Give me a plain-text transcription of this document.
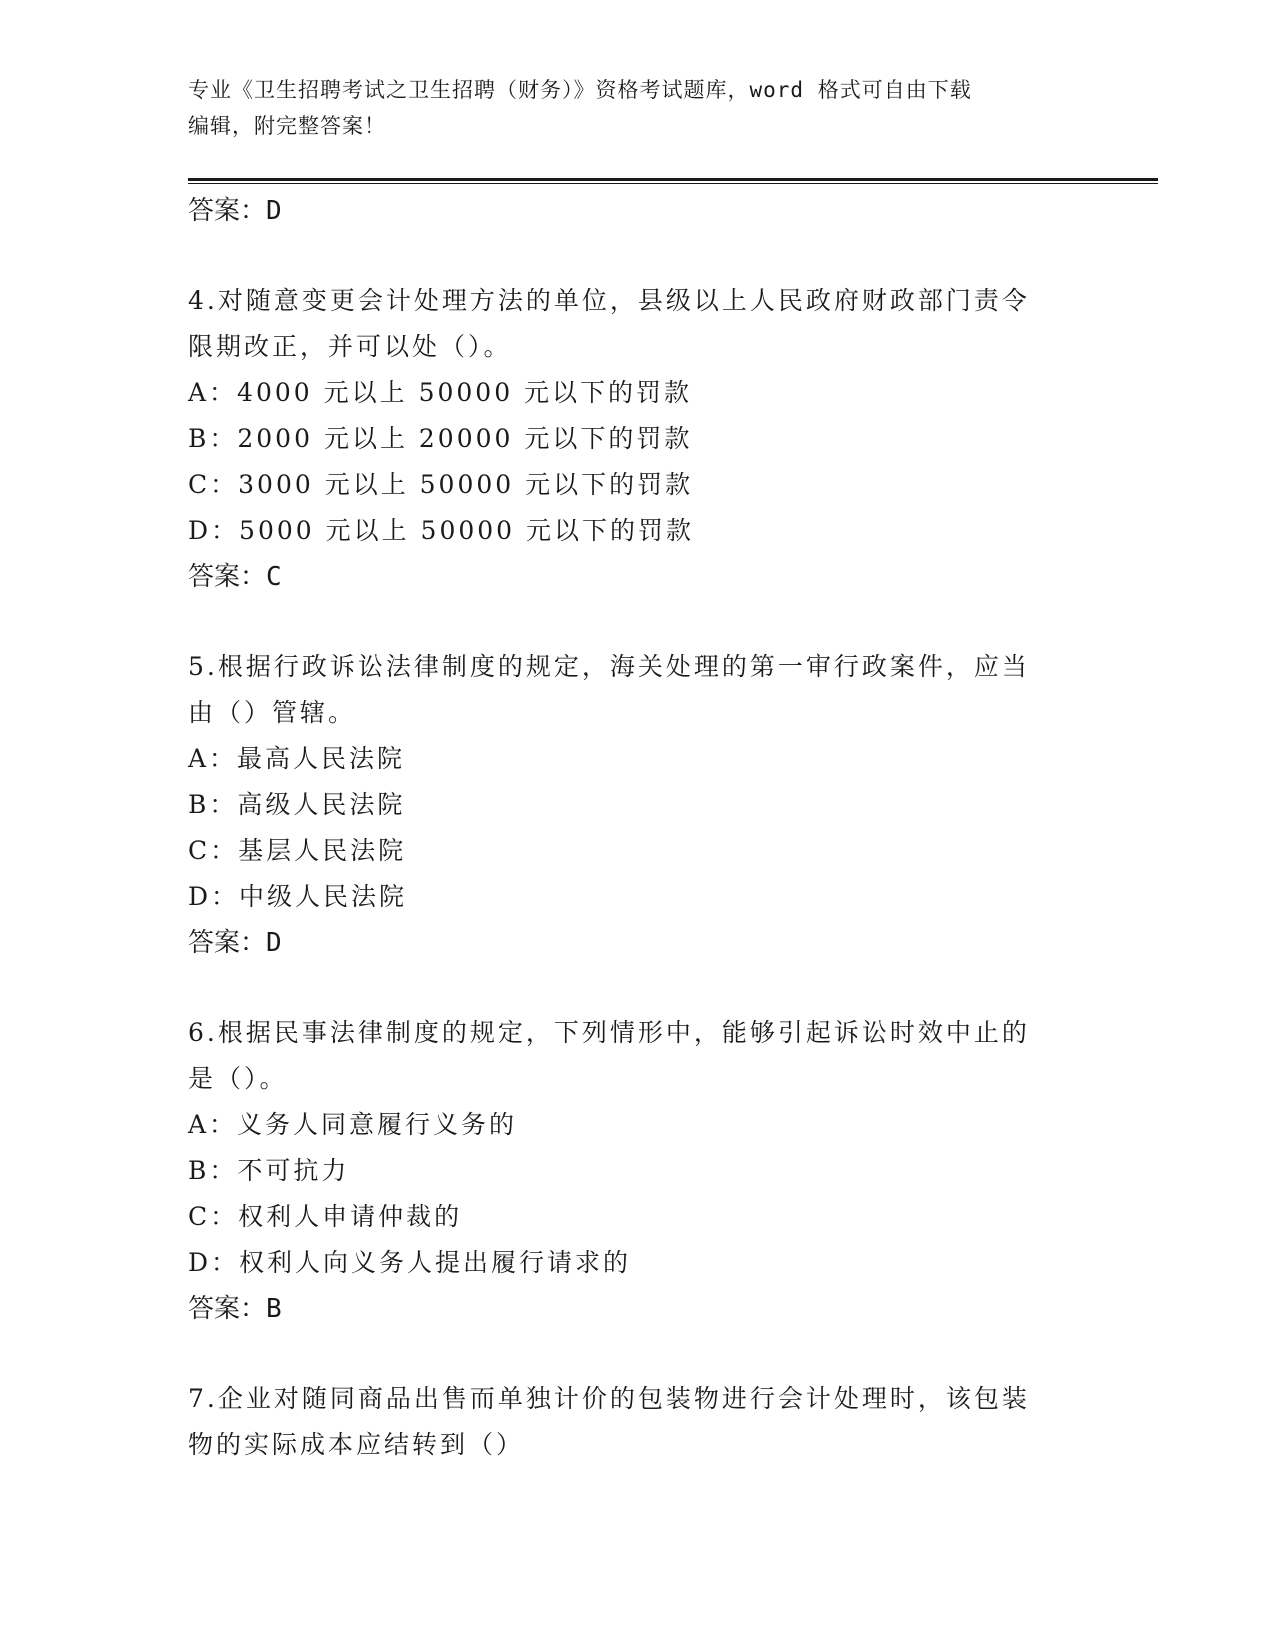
专业《卫生招聘考试之卫生招聘（财务）》资格考试题库，word 格式可自由下载
编辑，附完整答案！
答案：D
4.对随意变更会计处理方法的单位，县级以上人民政府财政部门责令
限期改正，并可以处（）。
A：4000 元以上 50000 元以下的罚款
B：2000 元以上 20000 元以下的罚款
C：3000 元以上 50000 元以下的罚款
D：5000 元以上 50000 元以下的罚款
答案：C
5.根据行政诉讼法律制度的规定，海关处理的第一审行政案件，应当
由（）管辖。
A：最高人民法院
B：高级人民法院
C：基层人民法院
D：中级人民法院
答案：D
6.根据民事法律制度的规定，下列情形中，能够引起诉讼时效中止的
是（）。
A：义务人同意履行义务的
B：不可抗力
C：权利人申请仲裁的
D：权利人向义务人提出履行请求的
答案：B
7.企业对随同商品出售而单独计价的包装物进行会计处理时，该包装
物的实际成本应结转到（）
